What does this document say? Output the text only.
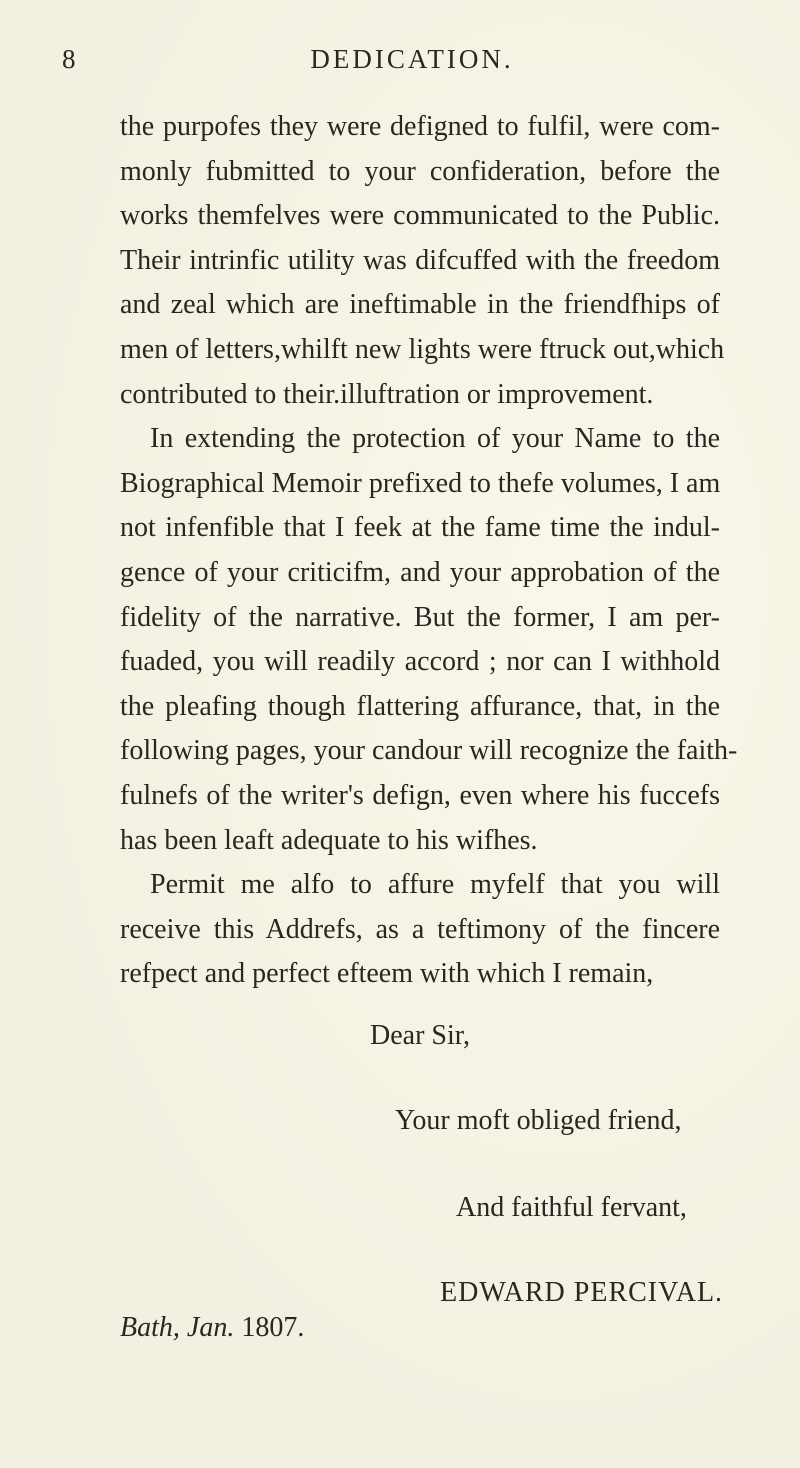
8	DEDICATION.
the purpofes they were defigned to fulfil, were com-
monly fubmitted to your confideration, before the
works themfelves were communicated to the Public.
Their intrinfic utility was difcuffed with the freedom
and zeal which are ineftimable in the friendfhips of
men of letters,whilft new lights were ftruck out,which
contributed to their.illuftration or improvement.
In extending the protection of your Name to the
Biographical Memoir prefixed to thefe volumes, I am
not infenfible that I feek at the fame time the indul-
gence of your criticifm, and your approbation of the
fidelity of the narrative. But the former, I am per-
fuaded, you will readily accord ; nor can I withhold
the pleafing though flattering affurance, that, in the
following pages, your candour will recognize the faith-
fulnefs of the writer's defign, even where his fuccefs
has been leaft adequate to his wifhes.
Permit me alfo to affure myfelf that you will
receive this Addrefs, as a teftimony of the fincere
refpect and perfect efteem with which I remain,
Dear Sir,
Your moft obliged friend,
And faithful fervant,
EDWARD PERCIVAL.
Bath, Jan. 1807.
